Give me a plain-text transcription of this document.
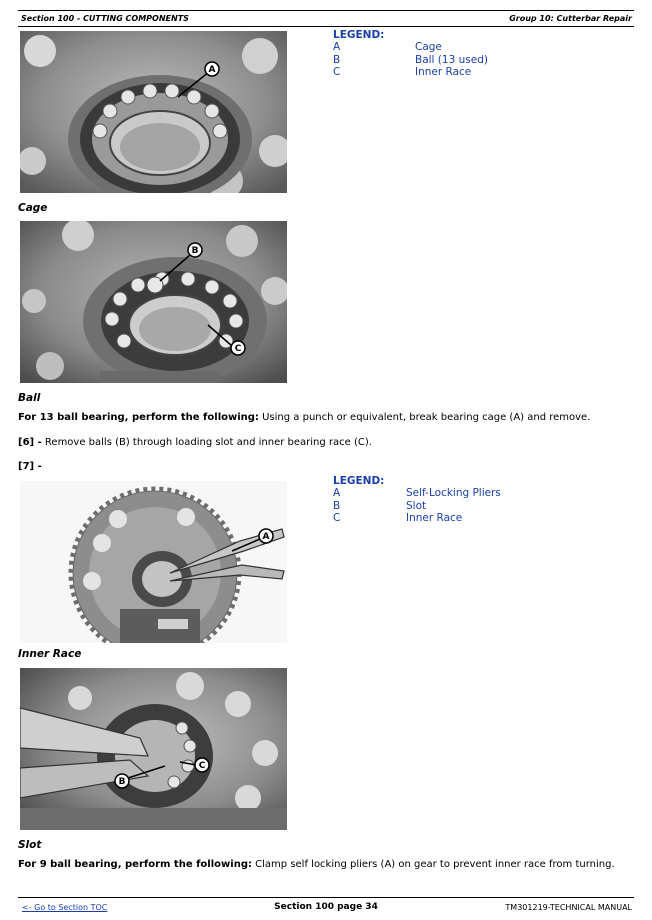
Section 100 - CUTTING COMPONENTS	Group 10: Cutterbar Repair
A
Cage
LEGEND:
A	Cage
B	Ball (13 used)
C	Inner Race
B
C
Ball
For 13 ball bearing, perform the following: Using a punch or equivalent, break bearing cage (A) and remove.
[6] - Remove balls (B) through loading slot and inner bearing race (C).
[7] -
LEGEND:
A	Self-Locking Pliers
B	Slot
C	Inner Race
A
Inner Race
B
C
Slot
For 9 ball bearing, perform the following: Clamp self locking pliers (A) on gear to prevent inner race from turning.
<- Go to Section TOC	Section 100 page 34	TM301219-TECHNICAL MANUAL
